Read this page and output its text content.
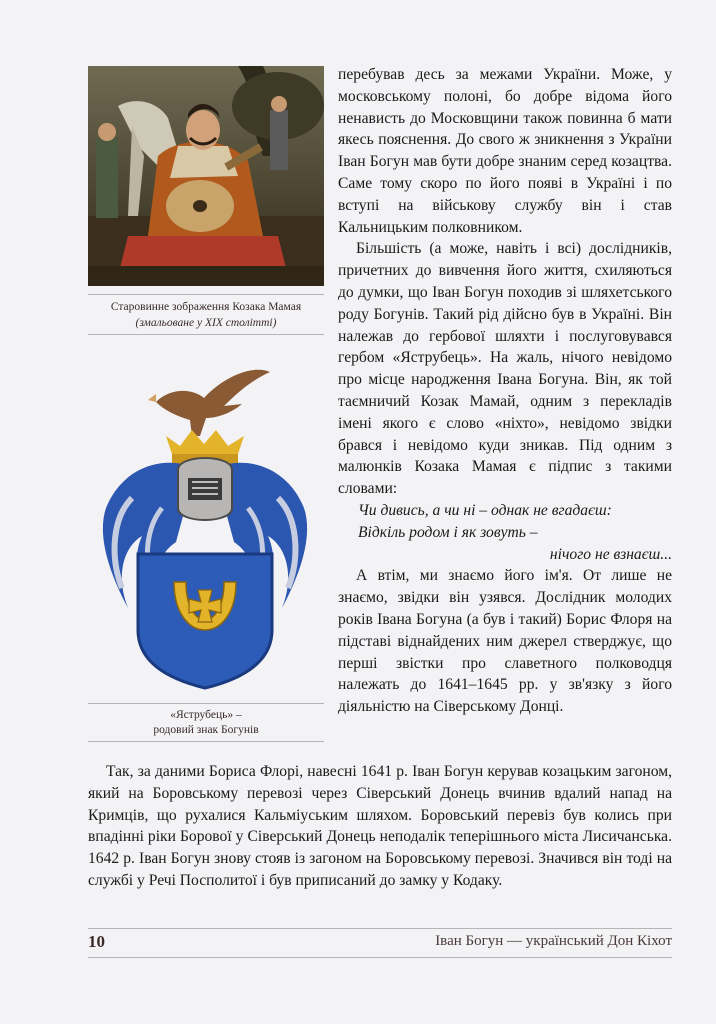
Старовинне зображення Козака Мамая
(змальоване у XIX столітті)
«Яструбець» –
родовий знак Богунів

перебував десь за межами України. Може, у московському полоні, бо добре відома його ненависть до Московщини також повинна б мати якесь пояснення. До свого ж зникнення з України Іван Богун мав бути добре знаним серед козацтва. Саме тому скоро по його появі в Україні і по вступі на військову службу він і став Кальницьким полковником.

Більшість (а може, навіть і всі) дослідників, причетних до вивчення його життя, схиляються до думки, що Іван Богун походив зі шляхетського роду Богунів. Такий рід дійсно був в Україні. Він належав до гербової шляхти і послуговувався гербом «Яструбець». На жаль, нічого невідомо про місце народження Івана Богуна. Він, як той таємничий Козак Мамай, одним з перекладів імені якого є слово «ніхто», невідомо звідки брався і невідомо куди зникав. Під одним з малюнків Козака Мамая є підпис з такими словами:

Чи дивись, а чи ні – однак не вгадаєш:
Відкіль родом і як зовуть –
нічого не взнаєш...

А втім, ми знаємо його ім'я. От лише не знаємо, звідки він узявся. Дослідник молодих років Івана Богуна (а був і такий) Борис Флоря на підставі віднайдених ним джерел стверджує, що перші звістки про славетного полководця належать до 1641–1645 рр. у зв'язку з його діяльністю на Сіверському Донці.

Так, за даними Бориса Флорі, навесні 1641 р. Іван Богун керував козацьким загоном, який на Боровському перевозі через Сіверський Донець вчинив вдалий напад на Кримців, що рухалися Кальміуським шляхом. Боровський перевіз був колись при впадінні ріки Борової у Сіверський Донець неподалік теперішнього міста Лисичанська. 1642 р. Іван Богун знову стояв із загоном на Боровському перевозі. Значився він тоді на службі у Речі Посполитої і був приписаний до замку у Кодаку.

10	Іван Богун — український Дон Кіхот
